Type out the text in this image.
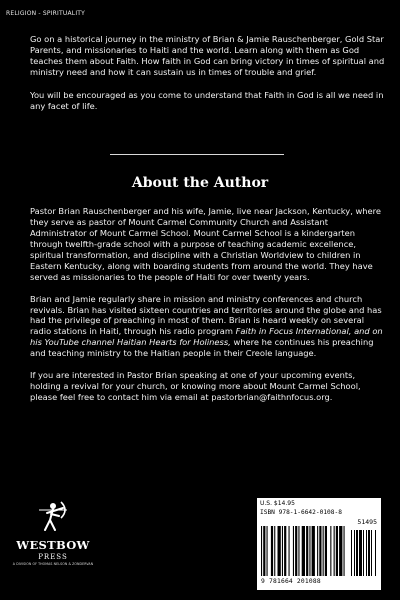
RELIGION - SPIRITUALITY

Go on a historical journey in the ministry of Brian & Jamie Rauschenberger, Gold Star Parents, and missionaries to Haiti and the world. Learn along with them as God teaches them about Faith. How faith in God can bring victory in times of spiritual and ministry need and how it can sustain us in times of trouble and grief.

You will be encouraged as you come to understand that Faith in God is all we need in any facet of life.

About the Author

Pastor Brian Rauschenberger and his wife, Jamie, live near Jackson, Kentucky, where they serve as pastor of Mount Carmel Community Church and Assistant Administrator of Mount Carmel School. Mount Carmel School is a kindergarten through twelfth-grade school with a purpose of teaching academic excellence, spiritual transformation, and discipline with a Christian Worldview to children in Eastern Kentucky, along with boarding students from around the world. They have served as missionaries to the people of Haiti for over twenty years.

Brian and Jamie regularly share in mission and ministry conferences and church revivals. Brian has visited sixteen countries and territories around the globe and has had the privilege of preaching in most of them. Brian is heard weekly on several radio stations in Haiti, through his radio program Faith in Focus International, and on his YouTube channel Haitian Hearts for Holiness, where he continues his preaching and teaching ministry to the Haitian people in their Creole language.

If you are interested in Pastor Brian speaking at one of your upcoming events, holding a revival for your church, or knowing more about Mount Carmel School, please feel free to contact him via email at pastorbrian@faithnfocus.org.

WESTBOW
PRESS
A DIVISION OF THOMAS NELSON & ZONDERVAN
U.S. $14.95
ISBN 978-1-6642-0108-8
51495
9 781664 201088
